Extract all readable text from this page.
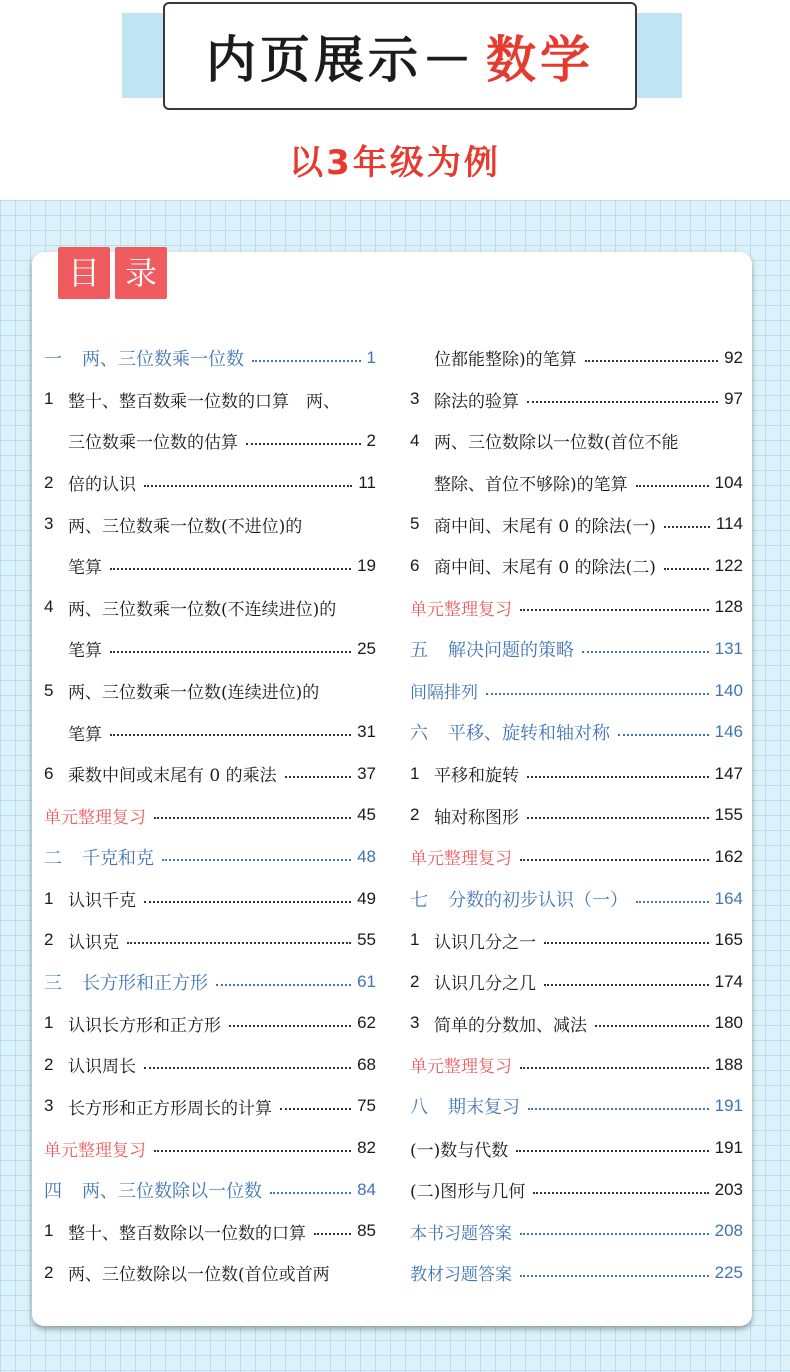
内页展示－ 数学
以3年级为例
目 录
一	两、三位数乘一位数	1
1 整十、整百数乘一位数的口算　两、
三位数乘一位数的估算	2
2 倍的认识	11
3 两、三位数乘一位数(不进位)的
笔算	19
4 两、三位数乘一位数(不连续进位)的
笔算	25
5 两、三位数乘一位数(连续进位)的
笔算	31
6 乘数中间或末尾有 0 的乘法	37
单元整理复习	45
二	千克和克	48
1 认识千克	49
2 认识克	55
三	长方形和正方形	61
1 认识长方形和正方形	62
2 认识周长	68
3 长方形和正方形周长的计算	75
单元整理复习	82
四	两、三位数除以一位数	84
1 整十、整百数除以一位数的口算	85
2 两、三位数除以一位数(首位或首两
位都能整除)的笔算	92
3 除法的验算	97
4 两、三位数除以一位数(首位不能
整除、首位不够除)的笔算	104
5 商中间、末尾有 0 的除法(一)	114
6 商中间、末尾有 0 的除法(二)	122
单元整理复习	128
五	解决问题的策略	131
间隔排列	140
六	平移、旋转和轴对称	146
1 平移和旋转	147
2 轴对称图形	155
单元整理复习	162
七	分数的初步认识（一）	164
1 认识几分之一	165
2 认识几分之几	174
3 简单的分数加、减法	180
单元整理复习	188
八	期末复习	191
(一)数与代数	191
(二)图形与几何	203
本书习题答案	208
教材习题答案	225
